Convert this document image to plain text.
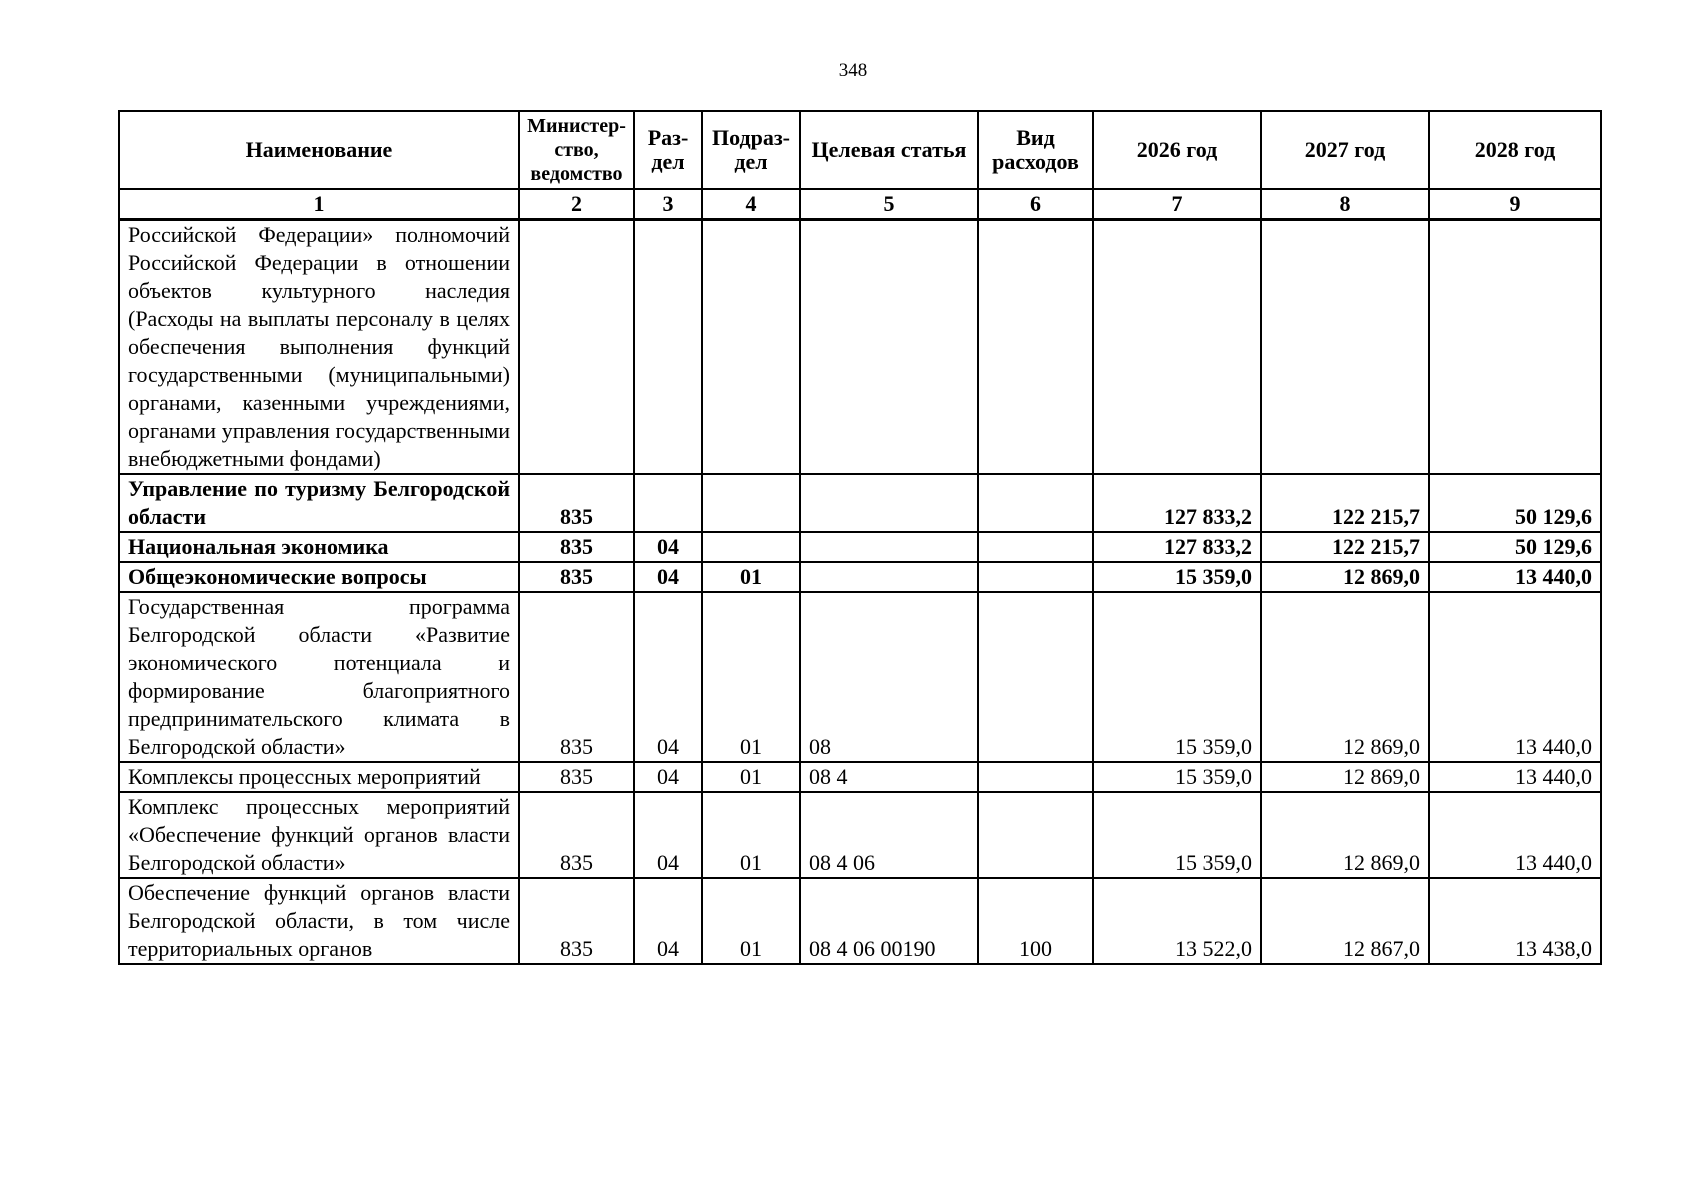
348
Наименование	Министер-ство, ведомство	Раз-дел	Подраз-дел	Целевая статья	Вид расходов	2026 год	2027 год	2028 год
1	2	3	4	5	6	7	8	9
Российской Федерации» полномочий Российской Федерации в отношении объектов культурного наследия (Расходы на выплаты персоналу в целях обеспечения выполнения функций государственными (муниципальными) органами, казенными учреждениями, органами управления государственными внебюджетными фондами)								
Управление по туризму Белгородской области	835					127 833,2	122 215,7	50 129,6
Национальная экономика	835	04				127 833,2	122 215,7	50 129,6
Общеэкономические вопросы	835	04	01			15 359,0	12 869,0	13 440,0
Государственная программа Белгородской области «Развитие экономического потенциала и формирование благоприятного предпринимательского климата в Белгородской области»	835	04	01	08		15 359,0	12 869,0	13 440,0
Комплексы процессных мероприятий	835	04	01	08 4		15 359,0	12 869,0	13 440,0
Комплекс процессных мероприятий «Обеспечение функций органов власти Белгородской области»	835	04	01	08 4 06		15 359,0	12 869,0	13 440,0
Обеспечение функций органов власти Белгородской области, в том числе территориальных органов	835	04	01	08 4 06 00190	100	13 522,0	12 867,0	13 438,0
